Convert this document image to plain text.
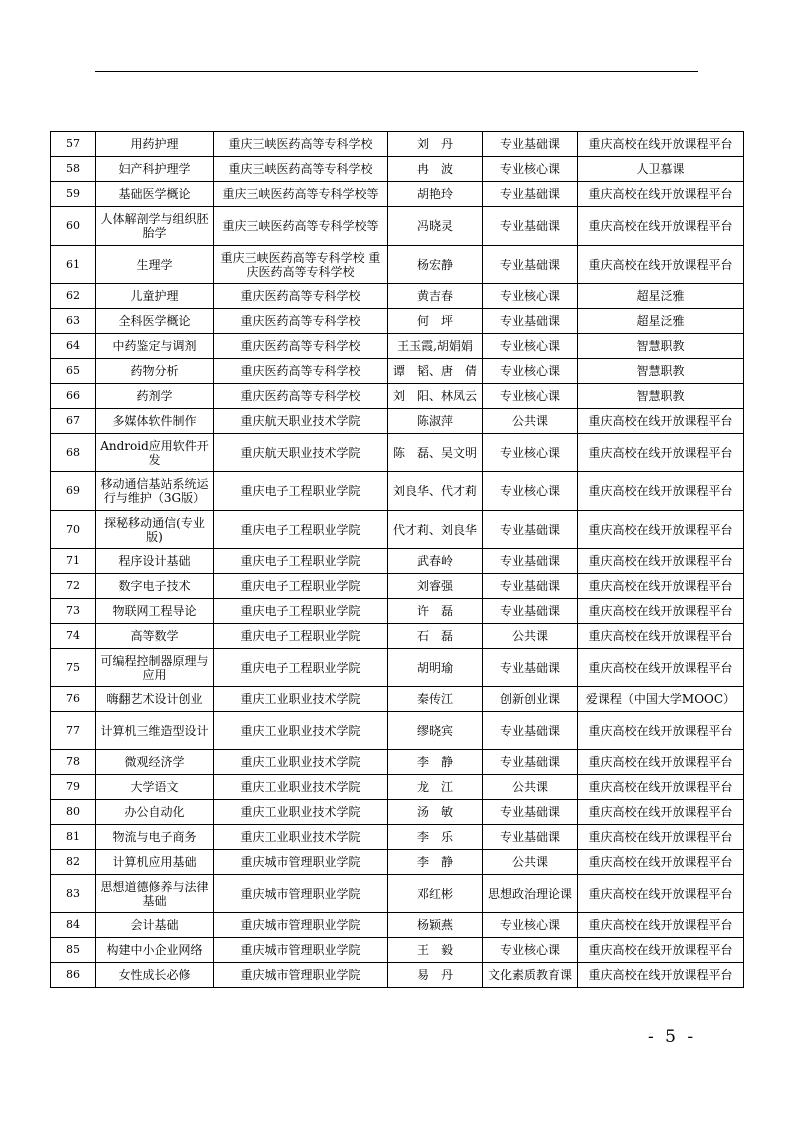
57	用药护理	重庆三峡医药高等专科学校	刘　丹	专业基础课	重庆高校在线开放课程平台
58	妇产科护理学	重庆三峡医药高等专科学校	冉　波	专业核心课	人卫慕课
59	基础医学概论	重庆三峡医药高等专科学校等	胡艳玲	专业基础课	重庆高校在线开放课程平台
60	人体解剖学与组织胚胎学	重庆三峡医药高等专科学校等	冯晓灵	专业基础课	重庆高校在线开放课程平台
61	生理学	重庆三峡医药高等专科学校 重庆医药高等专科学校	杨宏静	专业基础课	重庆高校在线开放课程平台
62	儿童护理	重庆医药高等专科学校	黄吉春	专业核心课	超星泛雅
63	全科医学概论	重庆医药高等专科学校	何　坪	专业基础课	超星泛雅
64	中药鉴定与调剂	重庆医药高等专科学校	王玉霞,胡娟娟	专业核心课	智慧职教
65	药物分析	重庆医药高等专科学校	谭　韬、唐　倩	专业核心课	智慧职教
66	药剂学	重庆医药高等专科学校	刘　阳、林凤云	专业核心课	智慧职教
67	多媒体软件制作	重庆航天职业技术学院	陈淑萍	公共课	重庆高校在线开放课程平台
68	Android应用软件开发	重庆航天职业技术学院	陈　磊、吴文明	专业核心课	重庆高校在线开放课程平台
69	移动通信基站系统运行与维护（3G版）	重庆电子工程职业学院	刘良华、代才莉	专业核心课	重庆高校在线开放课程平台
70	探秘移动通信(专业版)	重庆电子工程职业学院	代才莉、刘良华	专业基础课	重庆高校在线开放课程平台
71	程序设计基础	重庆电子工程职业学院	武春岭	专业基础课	重庆高校在线开放课程平台
72	数字电子技术	重庆电子工程职业学院	刘睿强	专业基础课	重庆高校在线开放课程平台
73	物联网工程导论	重庆电子工程职业学院	许　磊	专业基础课	重庆高校在线开放课程平台
74	高等数学	重庆电子工程职业学院	石　磊	公共课	重庆高校在线开放课程平台
75	可编程控制器原理与应用	重庆电子工程职业学院	胡明瑜	专业基础课	重庆高校在线开放课程平台
76	嗨翻艺术设计创业	重庆工业职业技术学院	秦传江	创新创业课	爱课程（中国大学MOOC）
77	计算机三维造型设计	重庆工业职业技术学院	缪晓宾	专业基础课	重庆高校在线开放课程平台
78	微观经济学	重庆工业职业技术学院	李　静	专业基础课	重庆高校在线开放课程平台
79	大学语文	重庆工业职业技术学院	龙　江	公共课	重庆高校在线开放课程平台
80	办公自动化	重庆工业职业技术学院	汤　敏	专业基础课	重庆高校在线开放课程平台
81	物流与电子商务	重庆工业职业技术学院	李　乐	专业基础课	重庆高校在线开放课程平台
82	计算机应用基础	重庆城市管理职业学院	李　静	公共课	重庆高校在线开放课程平台
83	思想道德修养与法律基础	重庆城市管理职业学院	邓红彬	思想政治理论课	重庆高校在线开放课程平台
84	会计基础	重庆城市管理职业学院	杨颖燕	专业核心课	重庆高校在线开放课程平台
85	构建中小企业网络	重庆城市管理职业学院	王　毅	专业核心课	重庆高校在线开放课程平台
86	女性成长必修	重庆城市管理职业学院	易　丹	文化素质教育课	重庆高校在线开放课程平台
- 5 -
